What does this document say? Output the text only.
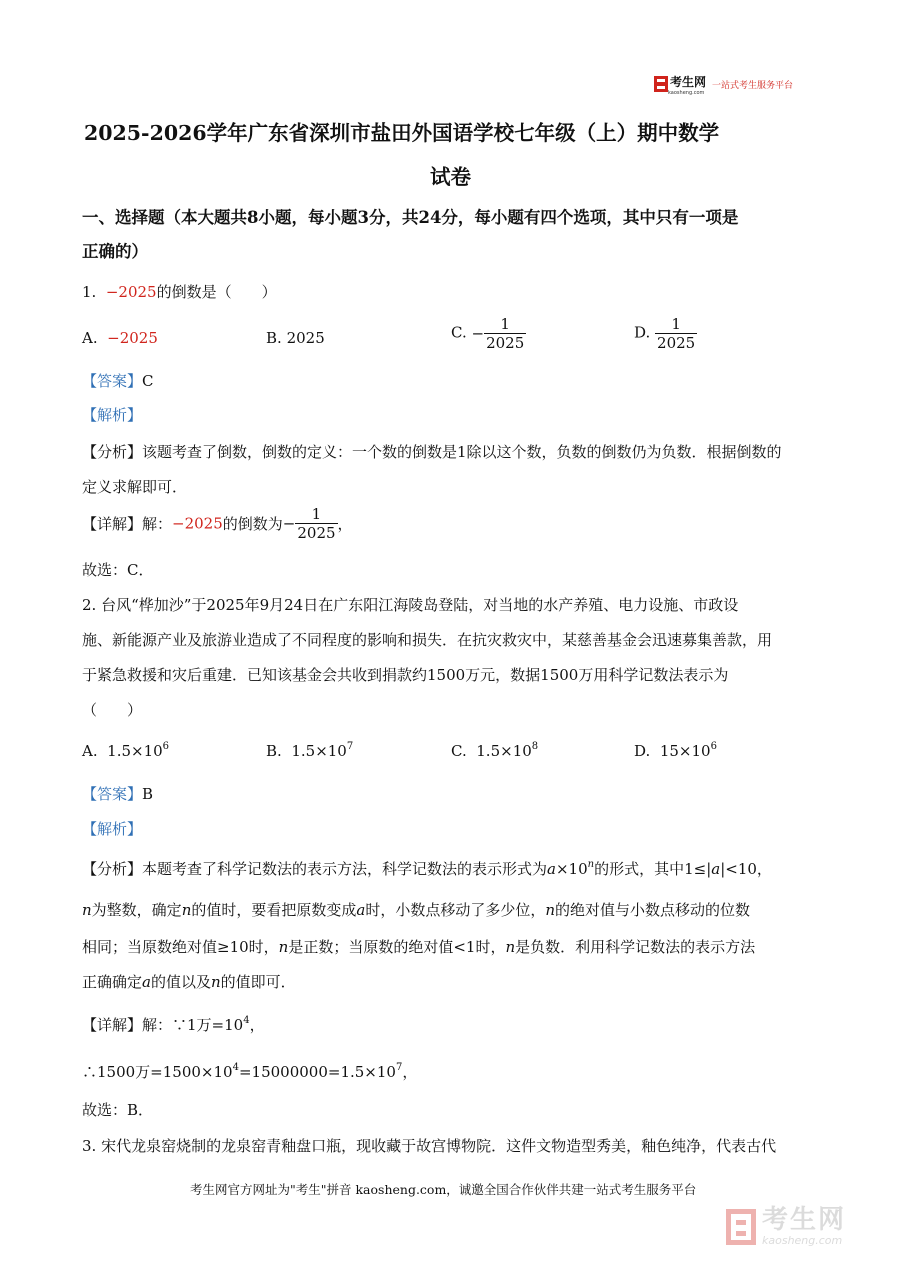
考生网
kaosheng.com
一站式考生服务平台
2025-2026学年广东省深圳市盐田外国语学校七年级（上）期中数学
试卷
一、选择题（本大题共8小题，每小题3分，共24分，每小题有四个选项，其中只有一项是
正确的）
1. −2025的倒数是（　　）
A. −2025	B. 2025	C. − $\frac{1}{2025}$	D. $\frac{1}{2025}$
【答案】C
【解析】
【分析】该题考查了倒数，倒数的定义：一个数的倒数是1除以这个数，负数的倒数仍为负数．根据倒数的
定义求解即可．
【详解】解：−2025的倒数为− $\frac{1}{2025}$ ，
故选：C．
2. 台风“桦加沙”于2025年9月24日在广东阳江海陵岛登陆，对当地的水产养殖、电力设施、市政设
施、新能源产业及旅游业造成了不同程度的影响和损失．在抗灾救灾中，某慈善基金会迅速募集善款，用
于紧急救援和灾后重建．已知该基金会共收到捐款约1500万元，数据1500万用科学记数法表示为
（　　）
A. $1.5\times 10^6$	B. $1.5\times 10^7$	C. $1.5\times 10^8$	D. $15\times 10^6$
【答案】B
【解析】
【分析】本题考查了科学记数法的表示方法，科学记数法的表示形式为$a\times 10^n$的形式，其中1≤|a|<10，
n为整数，确定n的值时，要看把原数变成a时，小数点移动了多少位，n的绝对值与小数点移动的位数
相同；当原数绝对值≥10时，n是正数；当原数的绝对值<1时，n是负数．利用科学记数法的表示方法
正确确定a的值以及n的值即可．
【详解】解：∵1万$=10^4$，
∴1500万$=1500\times 10^4=15000000=1.5\times 10^7$，
故选：B．
3. 宋代龙泉窑烧制的龙泉窑青釉盘口瓶，现收藏于故宫博物院．这件文物造型秀美，釉色纯净，代表古代
考生网官方网址为"考生"拼音 kaosheng.com，诚邀全国合作伙伴共建一站式考生服务平台
考生网
kaosheng.com
